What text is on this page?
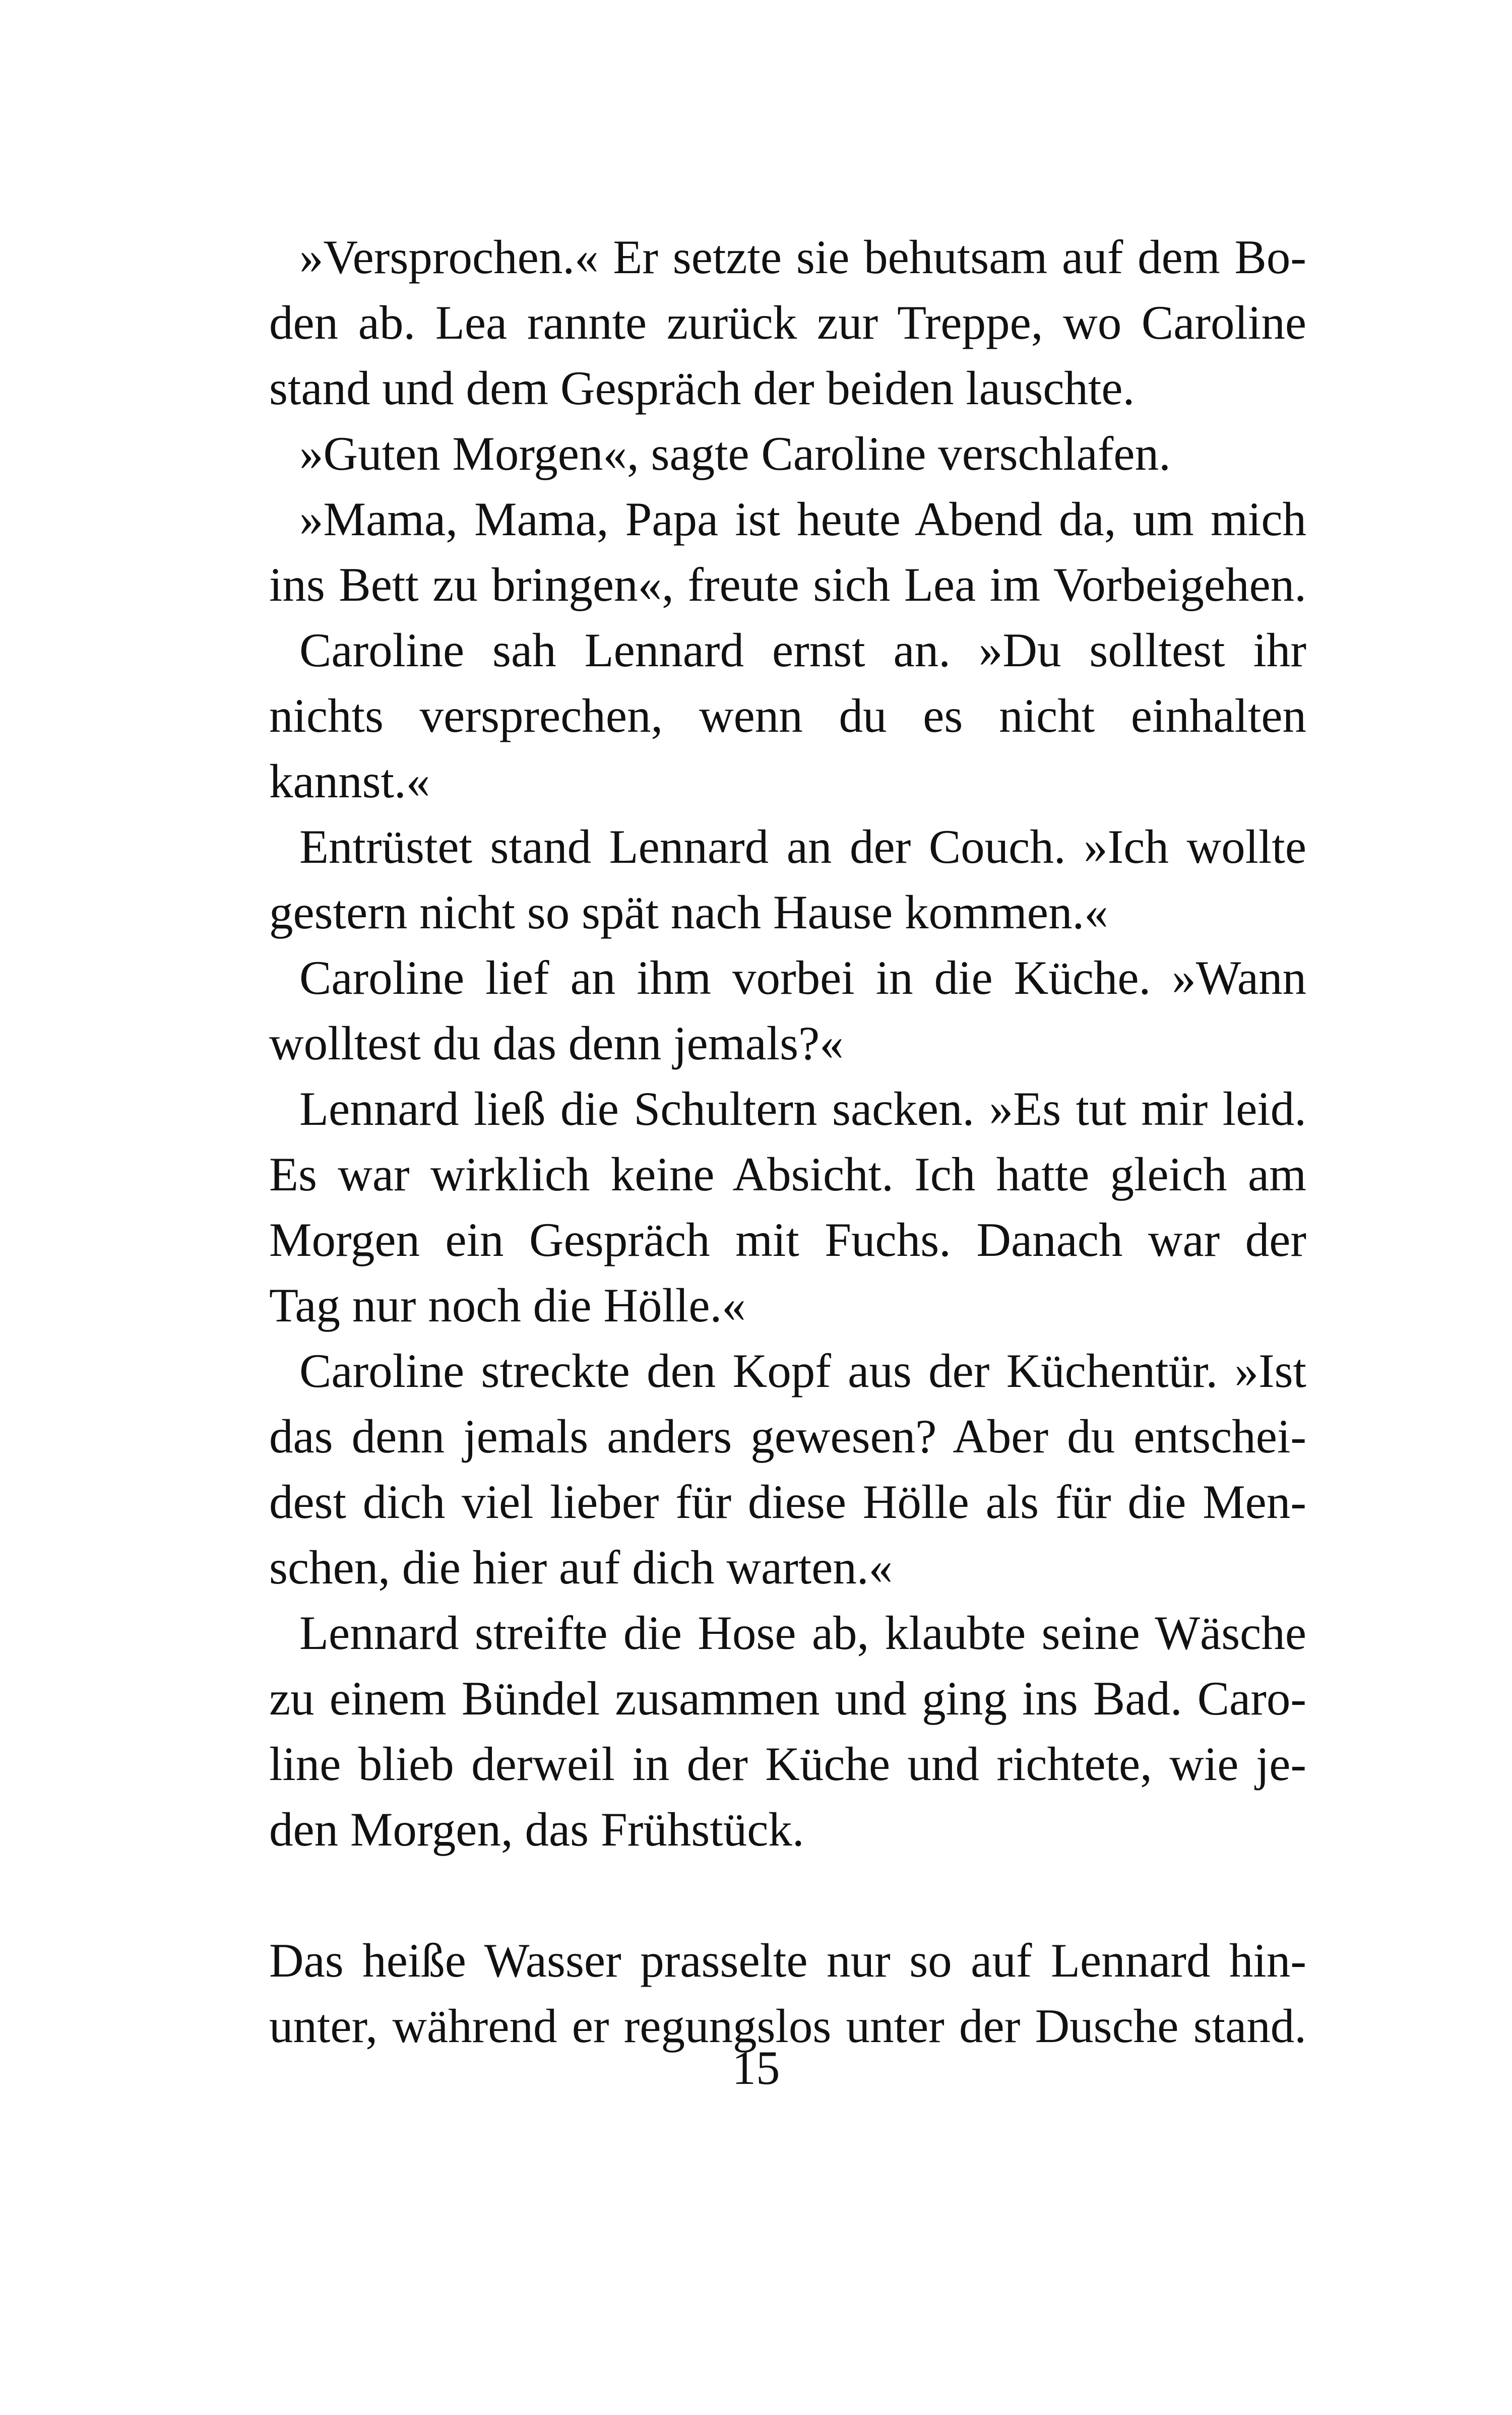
»Versprochen.« Er setzte sie behutsam auf dem Bo-
den ab. Lea rannte zurück zur Treppe, wo Caroline
stand und dem Gespräch der beiden lauschte.
»Guten Morgen«, sagte Caroline verschlafen.
»Mama, Mama, Papa ist heute Abend da, um mich
ins Bett zu bringen«, freute sich Lea im Vorbeigehen.
Caroline sah Lennard ernst an. »Du solltest ihr
nichts versprechen, wenn du es nicht einhalten
kannst.«
Entrüstet stand Lennard an der Couch. »Ich wollte
gestern nicht so spät nach Hause kommen.«
Caroline lief an ihm vorbei in die Küche. »Wann
wolltest du das denn jemals?«
Lennard ließ die Schultern sacken. »Es tut mir leid.
Es war wirklich keine Absicht. Ich hatte gleich am
Morgen ein Gespräch mit Fuchs. Danach war der
Tag nur noch die Hölle.«
Caroline streckte den Kopf aus der Küchentür. »Ist
das denn jemals anders gewesen? Aber du entschei-
dest dich viel lieber für diese Hölle als für die Men-
schen, die hier auf dich warten.«
Lennard streifte die Hose ab, klaubte seine Wäsche
zu einem Bündel zusammen und ging ins Bad. Caro-
line blieb derweil in der Küche und richtete, wie je-
den Morgen, das Frühstück.
Das heiße Wasser prasselte nur so auf Lennard hin-
unter, während er regungslos unter der Dusche stand.
15
